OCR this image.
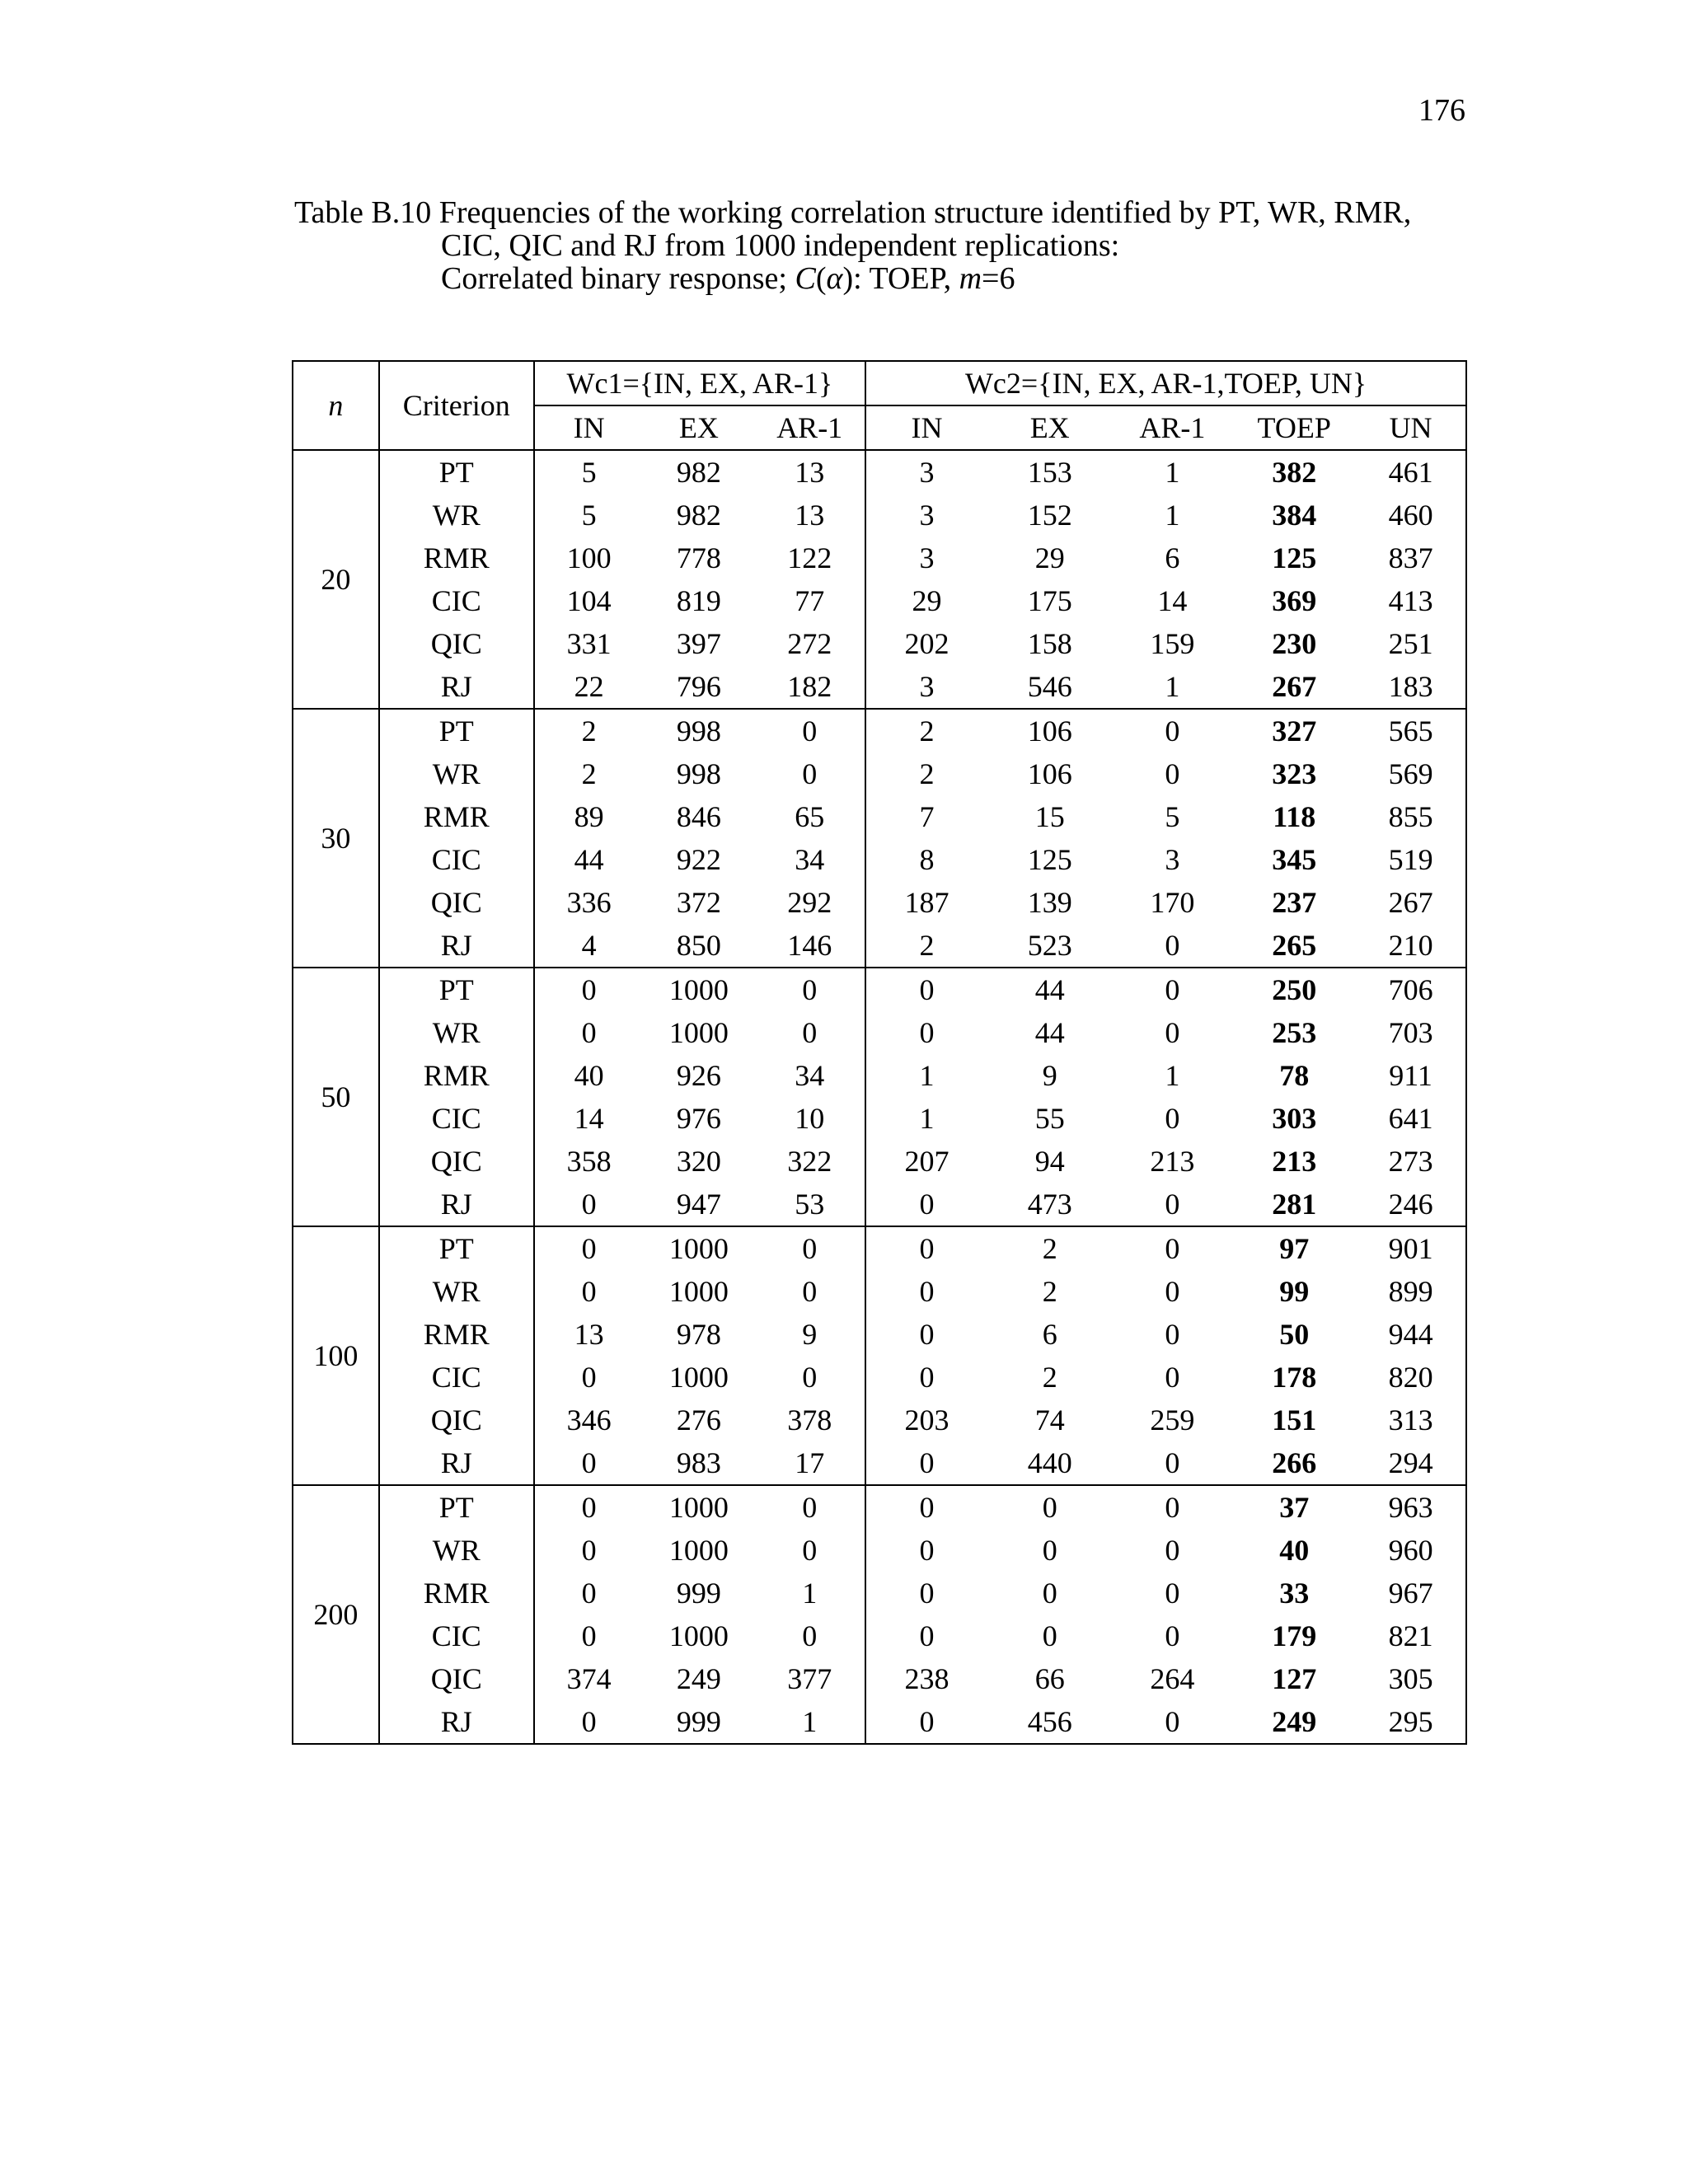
176
Table B.10 Frequencies of the working correlation structure identified by PT, WR, RMR,
CIC, QIC and RJ from 1000 independent replications:
Correlated binary response; C(α): TOEP, m=6
n	Criterion	Wc1={IN, EX, AR-1}			Wc2={IN, EX, AR-1,TOEP, UN}				
		IN	EX	AR-1	IN	EX	AR-1	TOEP	UN
20	PT	5	982	13	3	153	1	382	461
	WR	5	982	13	3	152	1	384	460
	RMR	100	778	122	3	29	6	125	837
	CIC	104	819	77	29	175	14	369	413
	QIC	331	397	272	202	158	159	230	251
	RJ	22	796	182	3	546	1	267	183
30	PT	2	998	0	2	106	0	327	565
	WR	2	998	0	2	106	0	323	569
	RMR	89	846	65	7	15	5	118	855
	CIC	44	922	34	8	125	3	345	519
	QIC	336	372	292	187	139	170	237	267
	RJ	4	850	146	2	523	0	265	210
50	PT	0	1000	0	0	44	0	250	706
	WR	0	1000	0	0	44	0	253	703
	RMR	40	926	34	1	9	1	78	911
	CIC	14	976	10	1	55	0	303	641
	QIC	358	320	322	207	94	213	213	273
	RJ	0	947	53	0	473	0	281	246
100	PT	0	1000	0	0	2	0	97	901
	WR	0	1000	0	0	2	0	99	899
	RMR	13	978	9	0	6	0	50	944
	CIC	0	1000	0	0	2	0	178	820
	QIC	346	276	378	203	74	259	151	313
	RJ	0	983	17	0	440	0	266	294
200	PT	0	1000	0	0	0	0	37	963
	WR	0	1000	0	0	0	0	40	960
	RMR	0	999	1	0	0	0	33	967
	CIC	0	1000	0	0	0	0	179	821
	QIC	374	249	377	238	66	264	127	305
	RJ	0	999	1	0	456	0	249	295
